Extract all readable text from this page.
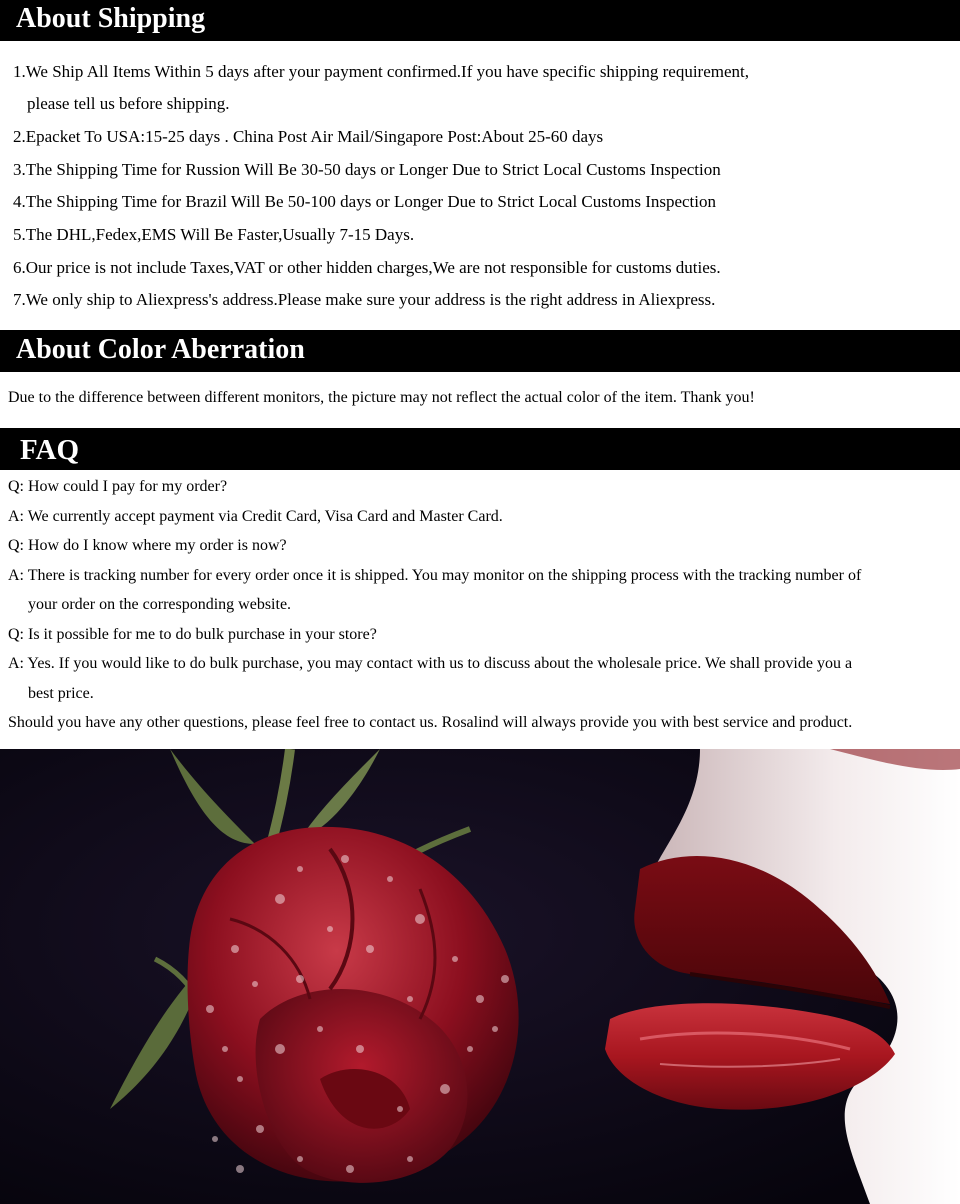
About Shipping
1.We Ship All Items Within 5 days after your payment confirmed.If you have specific shipping requirement,
please tell us before shipping.
2.Epacket To USA:15-25 days . China Post Air Mail/Singapore Post:About 25-60 days
3.The Shipping Time for Russion Will Be 30-50 days or Longer Due to Strict Local Customs Inspection
4.The Shipping Time for Brazil Will Be 50-100 days or Longer Due to Strict Local Customs Inspection
5.The DHL,Fedex,EMS Will Be Faster,Usually 7-15 Days.
6.Our price is not include Taxes,VAT or other hidden charges,We are not responsible for customs duties.
7.We only ship to Aliexpress's address.Please make sure your address is the right address in Aliexpress.
About Color Aberration
Due to the difference between different monitors, the picture may not reflect the actual color of the item. Thank you!
FAQ
Q: How could I pay for my order?
A: We currently accept payment via Credit Card, Visa Card and Master Card.
Q: How do I know where my order is now?
A: There is tracking number for every order once it is shipped. You may monitor on the shipping process with the tracking number of
your order on the corresponding website.
Q: Is it possible for me to do bulk purchase in your store?
A: Yes. If you would like to do bulk purchase, you may contact with us to discuss about the wholesale price. We shall provide you a
best price.
Should you have any other questions, please feel free to contact us. Rosalind will always provide you with best service and product.
